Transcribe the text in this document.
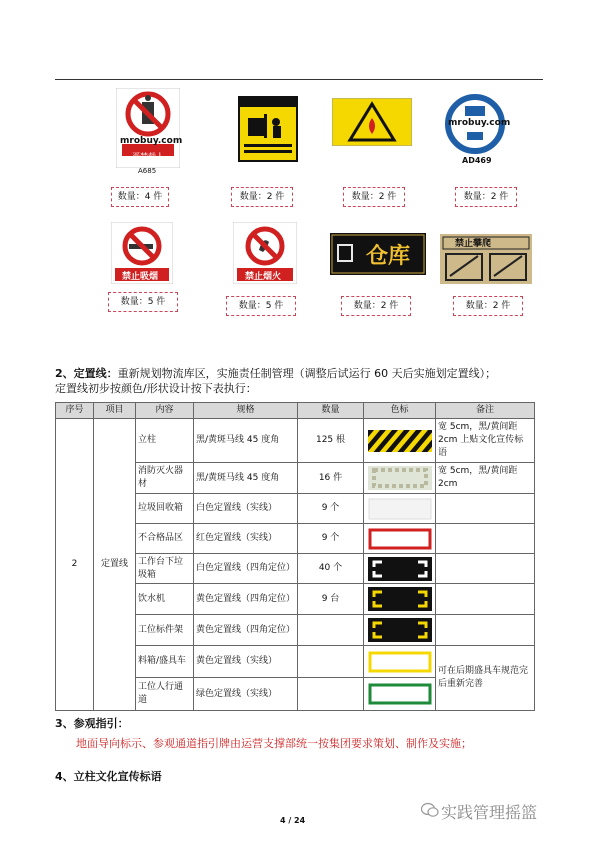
mrobuy.com
严禁载人
A685
mrobuy.com
AD469
数量：4 件	数量：2 件	数量：2 件	数量：2 件
禁止吸烟	禁止烟火
仓库	禁止攀爬
数量：5 件	数量：5 件	数量：2 件	数量：2 件
2、定置线：重新规划物流库区，实施责任制管理（调整后试运行 60 天后实施划定置线）；
定置线初步按颜色/形状设计按下表执行：
序号	项目	内容	规格	数量	色标	备注
2	定置线	立柱	黑/黄斑马线 45 度角	125 根		宽 5cm，黑/黄间距 2cm 上贴文化宣传标语
		消防灭火器材	黑/黄斑马线 45 度角	16 件		宽 5cm，黑/黄间距 2cm
		垃圾回收箱	白色定置线（实线）	9 个	

		不合格品区	红色定置线（实线）	9 个	

		工作台下垃圾箱	白色定置线（四角定位）	40 个	

		饮水机	黄色定置线（四角定位）	9 台	

		工位标件架	黄色定置线（四角定位）		

		料箱/盛具车	黄色定置线（实线）			可在后期盛具车规范完后重新完善
		工位人行通道	绿色定置线（实线）		
3、参观指引：
地面导向标示、参观通道指引牌由运营支撑部统一按集团要求策划、制作及实施；
4、立柱文化宣传标语
实践管理摇篮
4 / 24
